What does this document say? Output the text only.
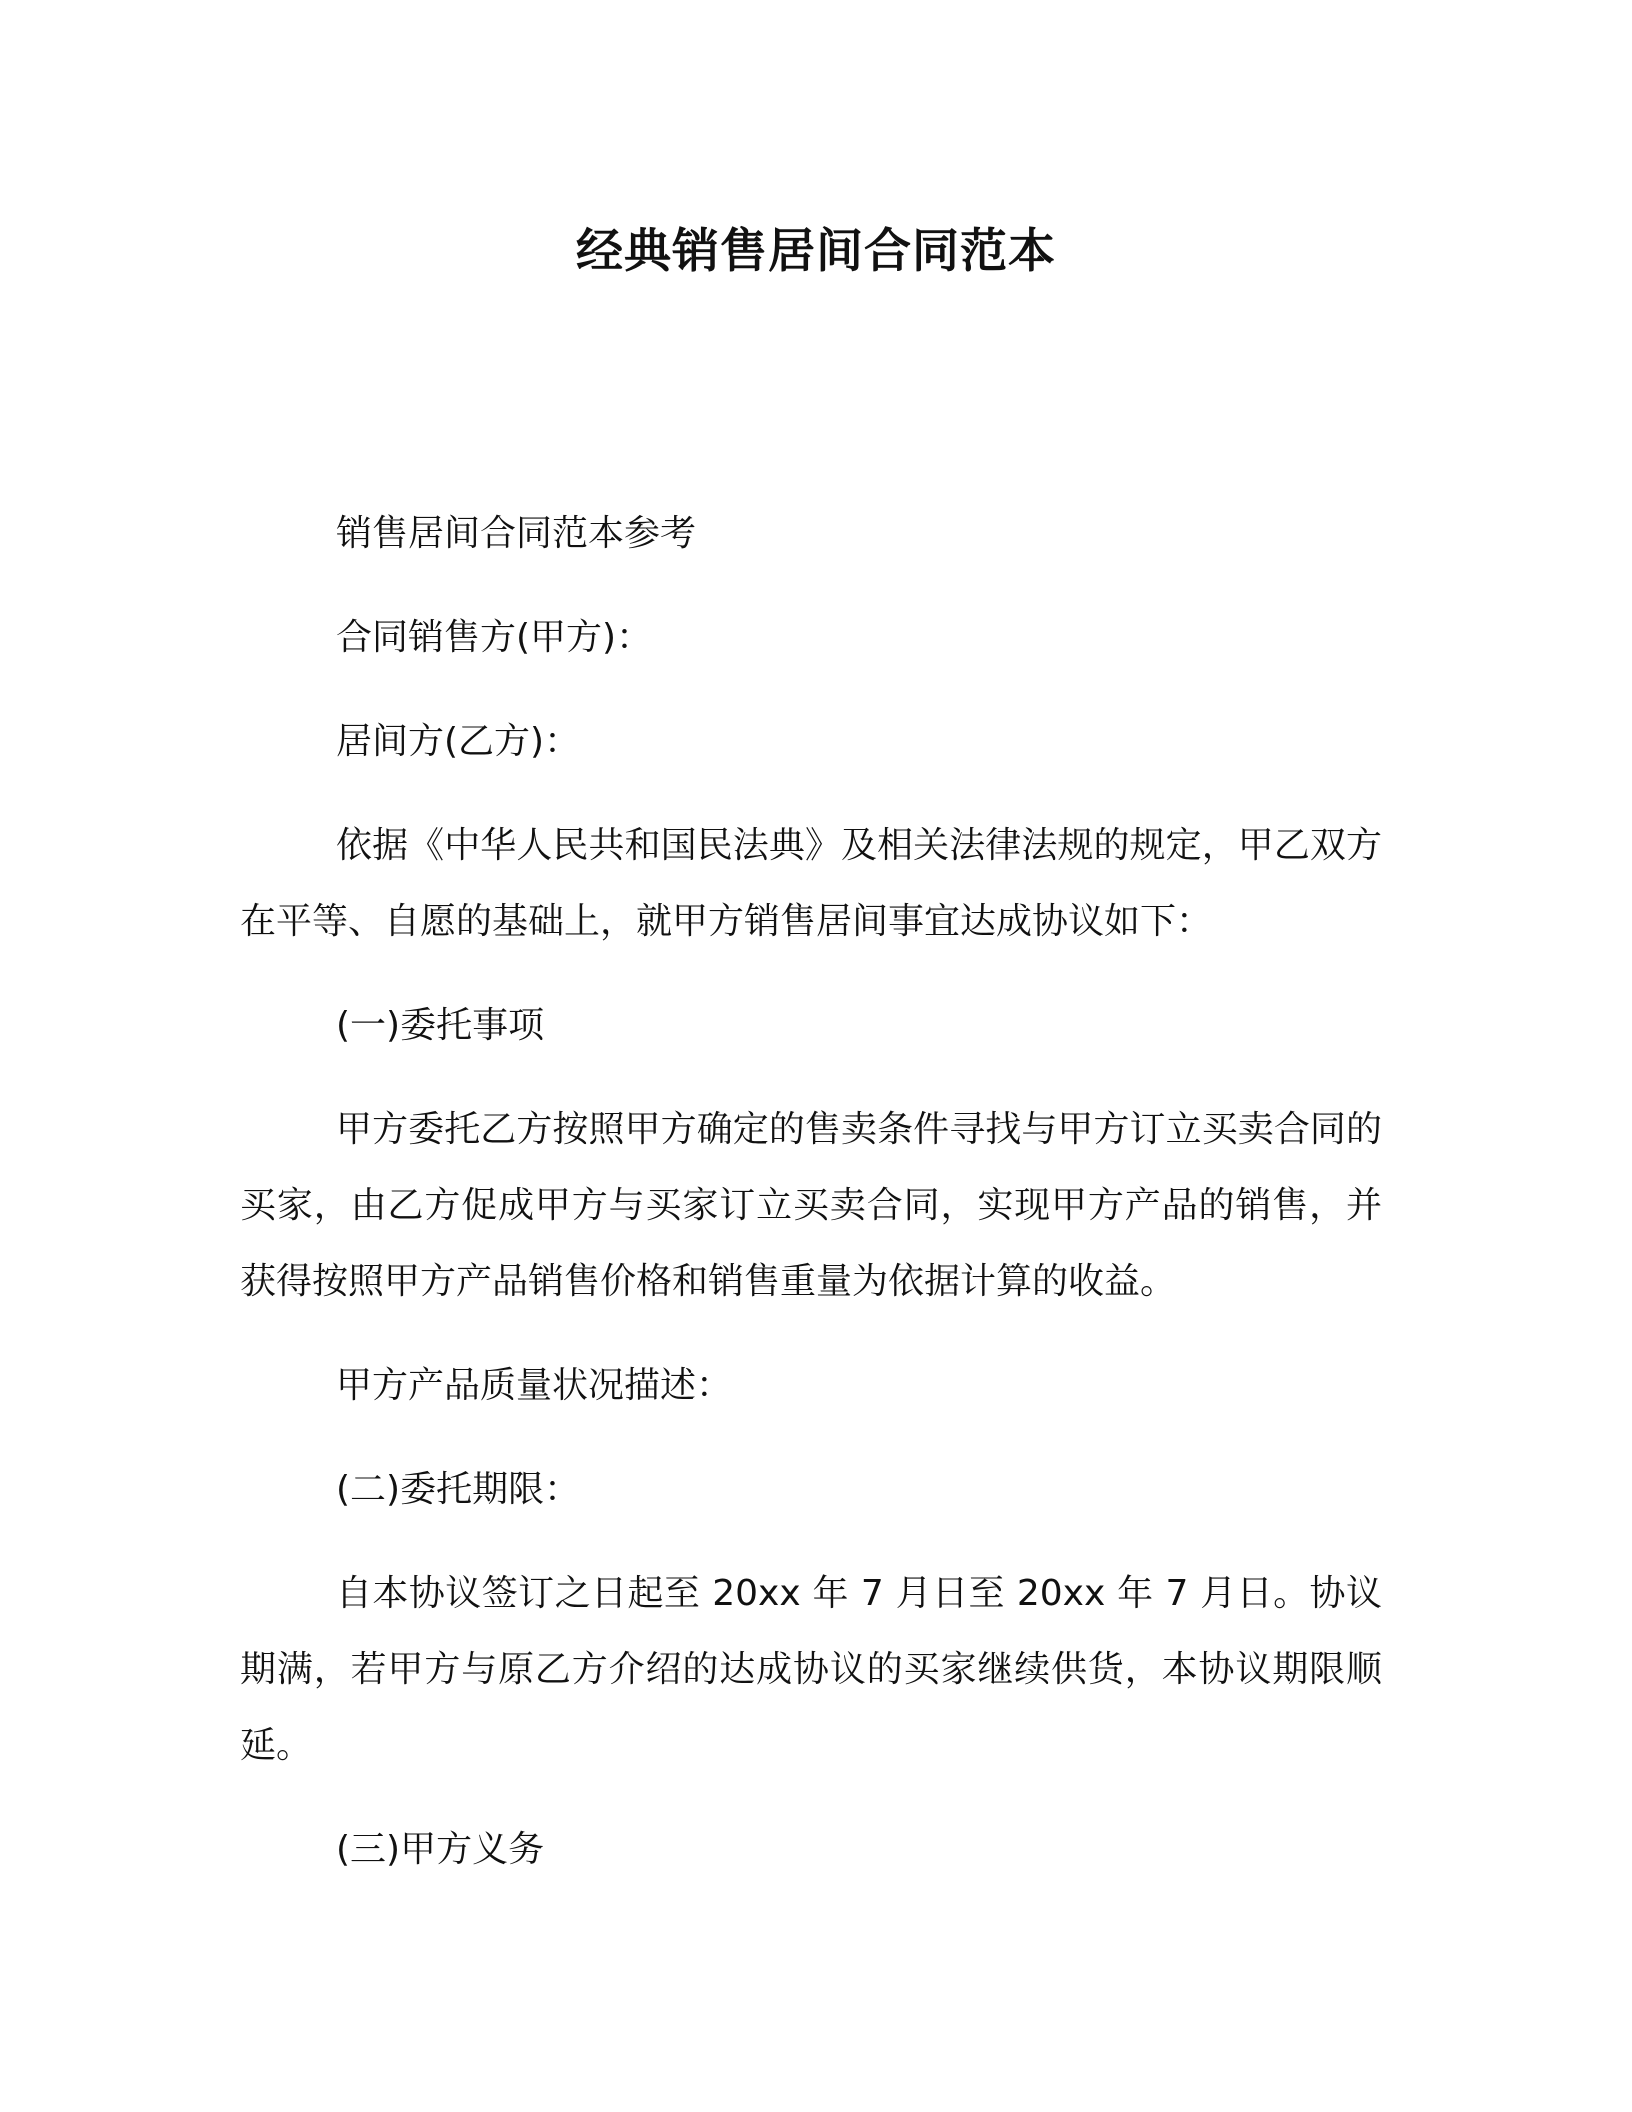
经典销售居间合同范本

销售居间合同范本参考

合同销售方(甲方)：

居间方(乙方)：

依据《中华人民共和国民法典》及相关法律法规的规定，甲乙双方在平等、自愿的基础上，就甲方销售居间事宜达成协议如下：

(一)委托事项

甲方委托乙方按照甲方确定的售卖条件寻找与甲方订立买卖合同的买家，由乙方促成甲方与买家订立买卖合同，实现甲方产品的销售，并获得按照甲方产品销售价格和销售重量为依据计算的收益。

甲方产品质量状况描述：

(二)委托期限：

自本协议签订之日起至 20xx 年 7 月日至 20xx 年 7 月日。协议期满，若甲方与原乙方介绍的达成协议的买家继续供货，本协议期限顺延。

(三)甲方义务
